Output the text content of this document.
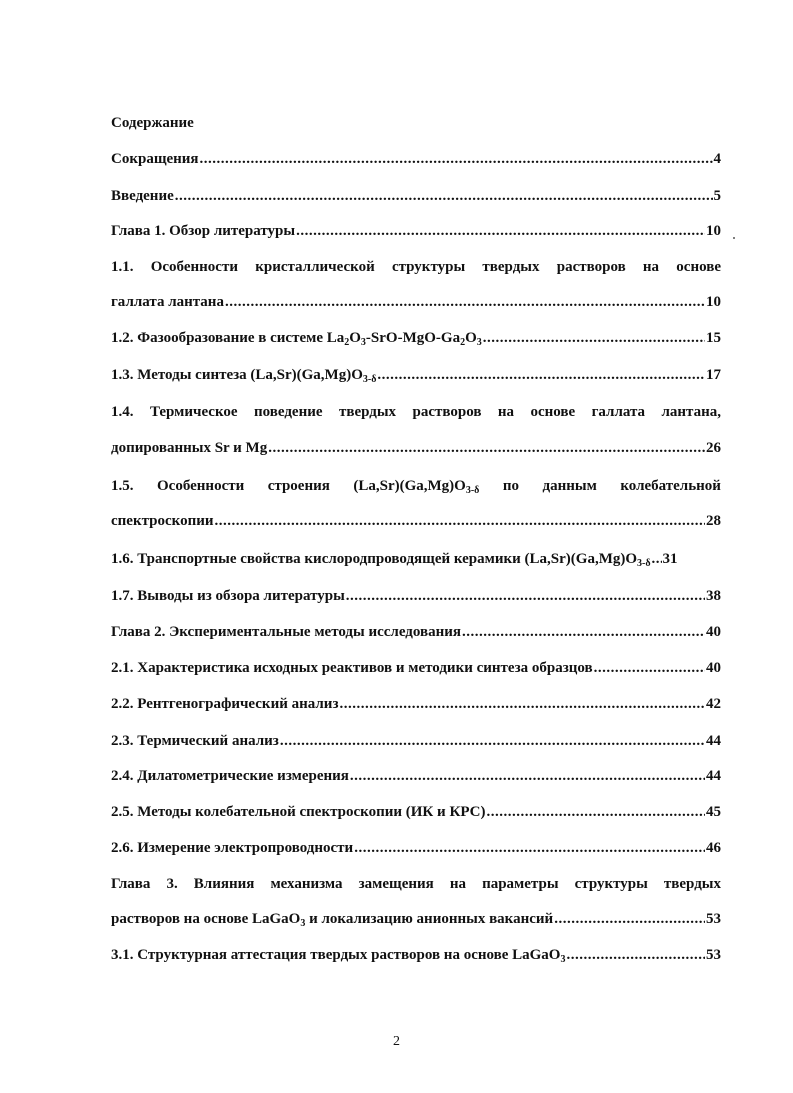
Содержание
Сокращения .....	4
Введение .....	5
Глава 1. Обзор литературы .....	10
1.1. Особенности кристаллической структуры твердых растворов на основе
галлата лантана .....	10
1.2. Фазообразование в системе $La_2O_3-SrO-MgO-Ga_2O_3$ .....	15
1.3. Методы синтеза $(La,Sr)(Ga,Mg)O_{3-\delta}$ .....	17
1.4. Термическое поведение твердых растворов на основе галлата лантана,
допированных Sr и Mg .....	26
1.5. Особенности строения $(La,Sr)(Ga,Mg)O_{3-\delta}$ по данным колебательной
спектроскопии .....	28
1.6. Транспортные свойства кислородпроводящей керамики $(La,Sr)(Ga,Mg)O_{3-\delta}$ ..... 31
1.7. Выводы из обзора литературы .....	38
Глава 2. Экспериментальные методы исследования .....	40
2.1. Характеристика исходных реактивов и методики синтеза образцов .....	40
2.2. Рентгенографический анализ .....	42
2.3. Термический анализ .....	44
2.4. Дилатометрические измерения .....	44
2.5. Методы колебательной спектроскопии (ИК и КРС) .....	45
2.6. Измерение электропроводности .....	46
Глава 3. Влияния механизма замещения на параметры структуры твердых
растворов на основе LaGaO$_3$ и локализацию анионных вакансий .....	53
3.1. Структурная аттестация твердых растворов на основе LaGaO$_3$ .....	53
2
